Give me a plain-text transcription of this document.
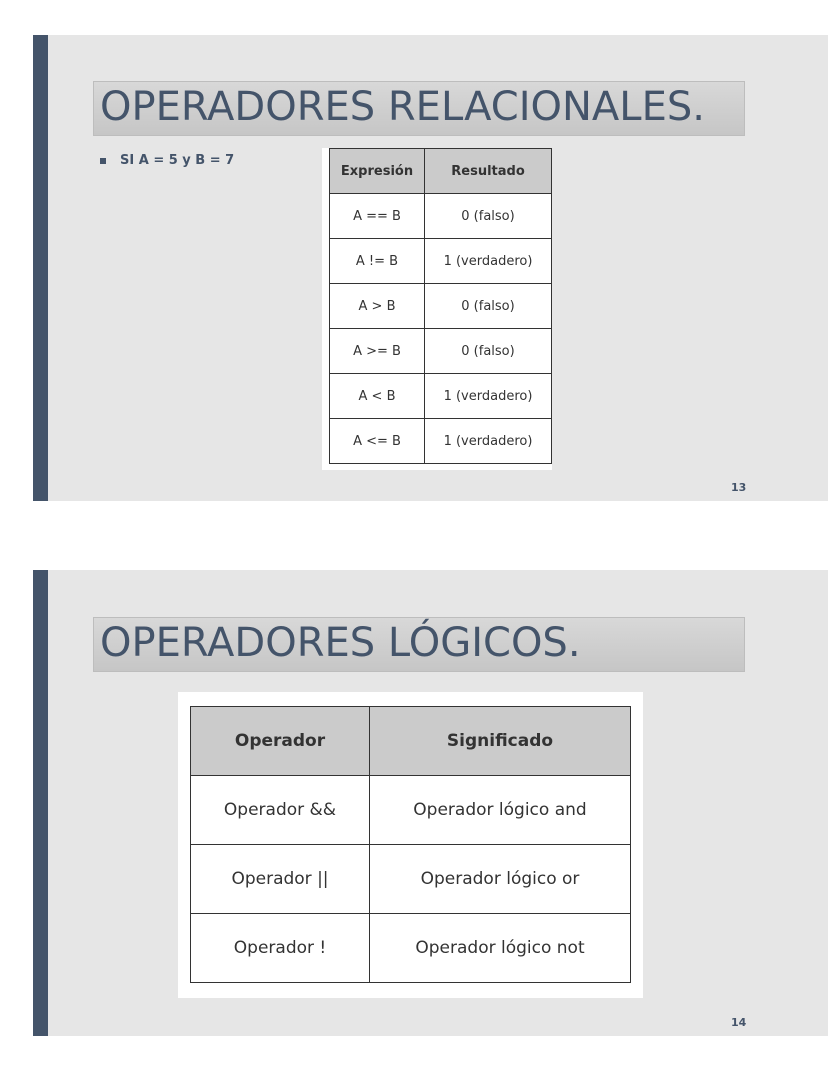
OPERADORES RELACIONALES.
SI A = 5 y B = 7
Expresión	Resultado
A == B	0 (falso)
A != B	1 (verdadero)
A > B	0 (falso)
A >= B	0 (falso)
A < B	1 (verdadero)
A <= B	1 (verdadero)
13
OPERADORES LÓGICOS.
Operador	Significado
Operador &&	Operador lógico and
Operador ||	Operador lógico or
Operador !	Operador lógico not
14
